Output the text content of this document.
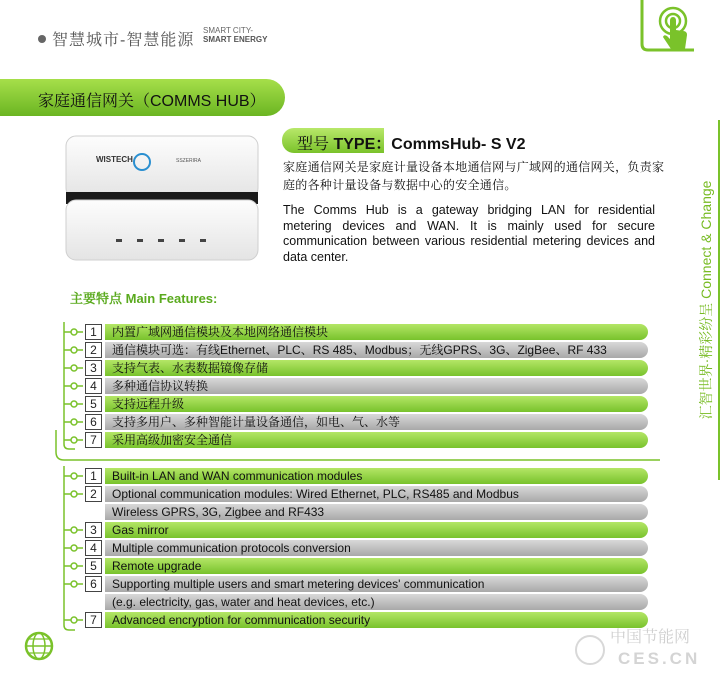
智慧城市-智慧能源
SMART CITY-
SMART ENERGY
汇智世界·精彩纷呈 Connect & Change
家庭通信网关（COMMS HUB）
WISTECH	SSZERIRA
型号 TYPE：CommsHub- S V2
家庭通信网关是家庭计量设备本地通信网与广域网的通信网关，负责家庭的各种计量设备与数据中心的安全通信。
The Comms Hub is a gateway bridging LAN for residential metering devices and WAN. It is mainly used for secure communication between various residential metering devices and data center.
主要特点 Main Features:
1	内置广域网通信模块及本地网络通信模块
2	通信模块可选：有线Ethernet、PLC、RS 485、Modbus；无线GPRS、3G、ZigBee、RF 433
3	支持气表、水表数据镜像存储
4	多种通信协议转换
5	支持远程升级
6	支持多用户、多种智能计量设备通信，如电、气、水等
7	采用高级加密安全通信
1	Built-in LAN and WAN communication modules
2	Optional communication modules: Wired Ethernet, PLC, RS485 and Modbus
Wireless GPRS, 3G, Zigbee and RF433
3	Gas mirror
4	Multiple communication protocols conversion
5	Remote upgrade
6	Supporting multiple users and smart metering devices' communication
(e.g. electricity, gas, water and heat devices, etc.)
7	Advanced encryption for communication security
中国节能网
CES.CN
